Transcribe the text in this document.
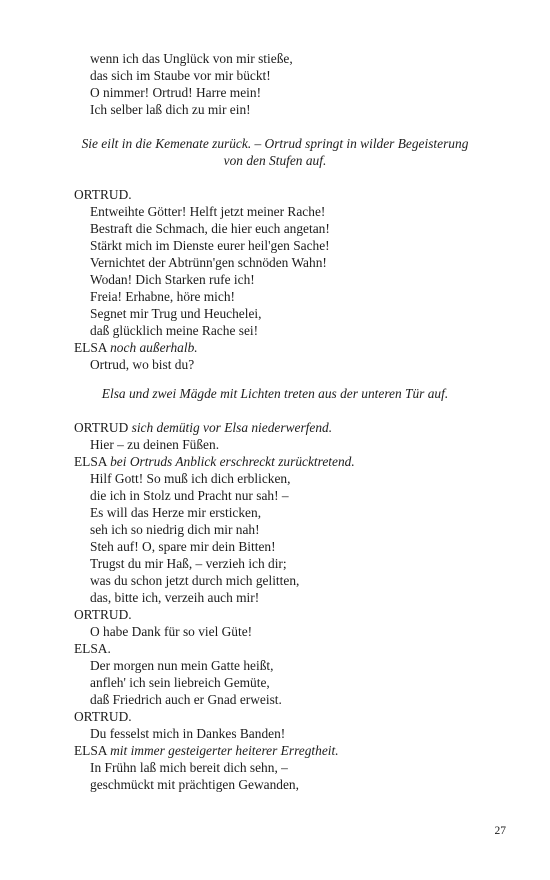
wenn ich das Unglück von mir stieße,
das sich im Staube vor mir bückt!
O nimmer! Ortrud! Harre mein!
Ich selber laß dich zu mir ein!
Sie eilt in die Kemenate zurück. – Ortrud springt in wilder Begeisterung
von den Stufen auf.
ORTRUD.
Entweihte Götter! Helft jetzt meiner Rache!
Bestraft die Schmach, die hier euch angetan!
Stärkt mich im Dienste eurer heil'gen Sache!
Vernichtet der Abtrünn'gen schnöden Wahn!
Wodan! Dich Starken rufe ich!
Freia! Erhabne, höre mich!
Segnet mir Trug und Heuchelei,
daß glücklich meine Rache sei!
ELSA noch außerhalb.
Ortrud, wo bist du?
Elsa und zwei Mägde mit Lichten treten aus der unteren Tür auf.
ORTRUD sich demütig vor Elsa niederwerfend.
Hier – zu deinen Füßen.
ELSA bei Ortruds Anblick erschreckt zurücktretend.
Hilf Gott! So muß ich dich erblicken,
die ich in Stolz und Pracht nur sah! –
Es will das Herze mir ersticken,
seh ich so niedrig dich mir nah!
Steh auf! O, spare mir dein Bitten!
Trugst du mir Haß, – verzieh ich dir;
was du schon jetzt durch mich gelitten,
das, bitte ich, verzeih auch mir!
ORTRUD.
O habe Dank für so viel Güte!
ELSA.
Der morgen nun mein Gatte heißt,
anfleh' ich sein liebreich Gemüte,
daß Friedrich auch er Gnad erweist.
ORTRUD.
Du fesselst mich in Dankes Banden!
ELSA mit immer gesteigerter heiterer Erregtheit.
In Frühn laß mich bereit dich sehn, –
geschmückt mit prächtigen Gewanden,
27
